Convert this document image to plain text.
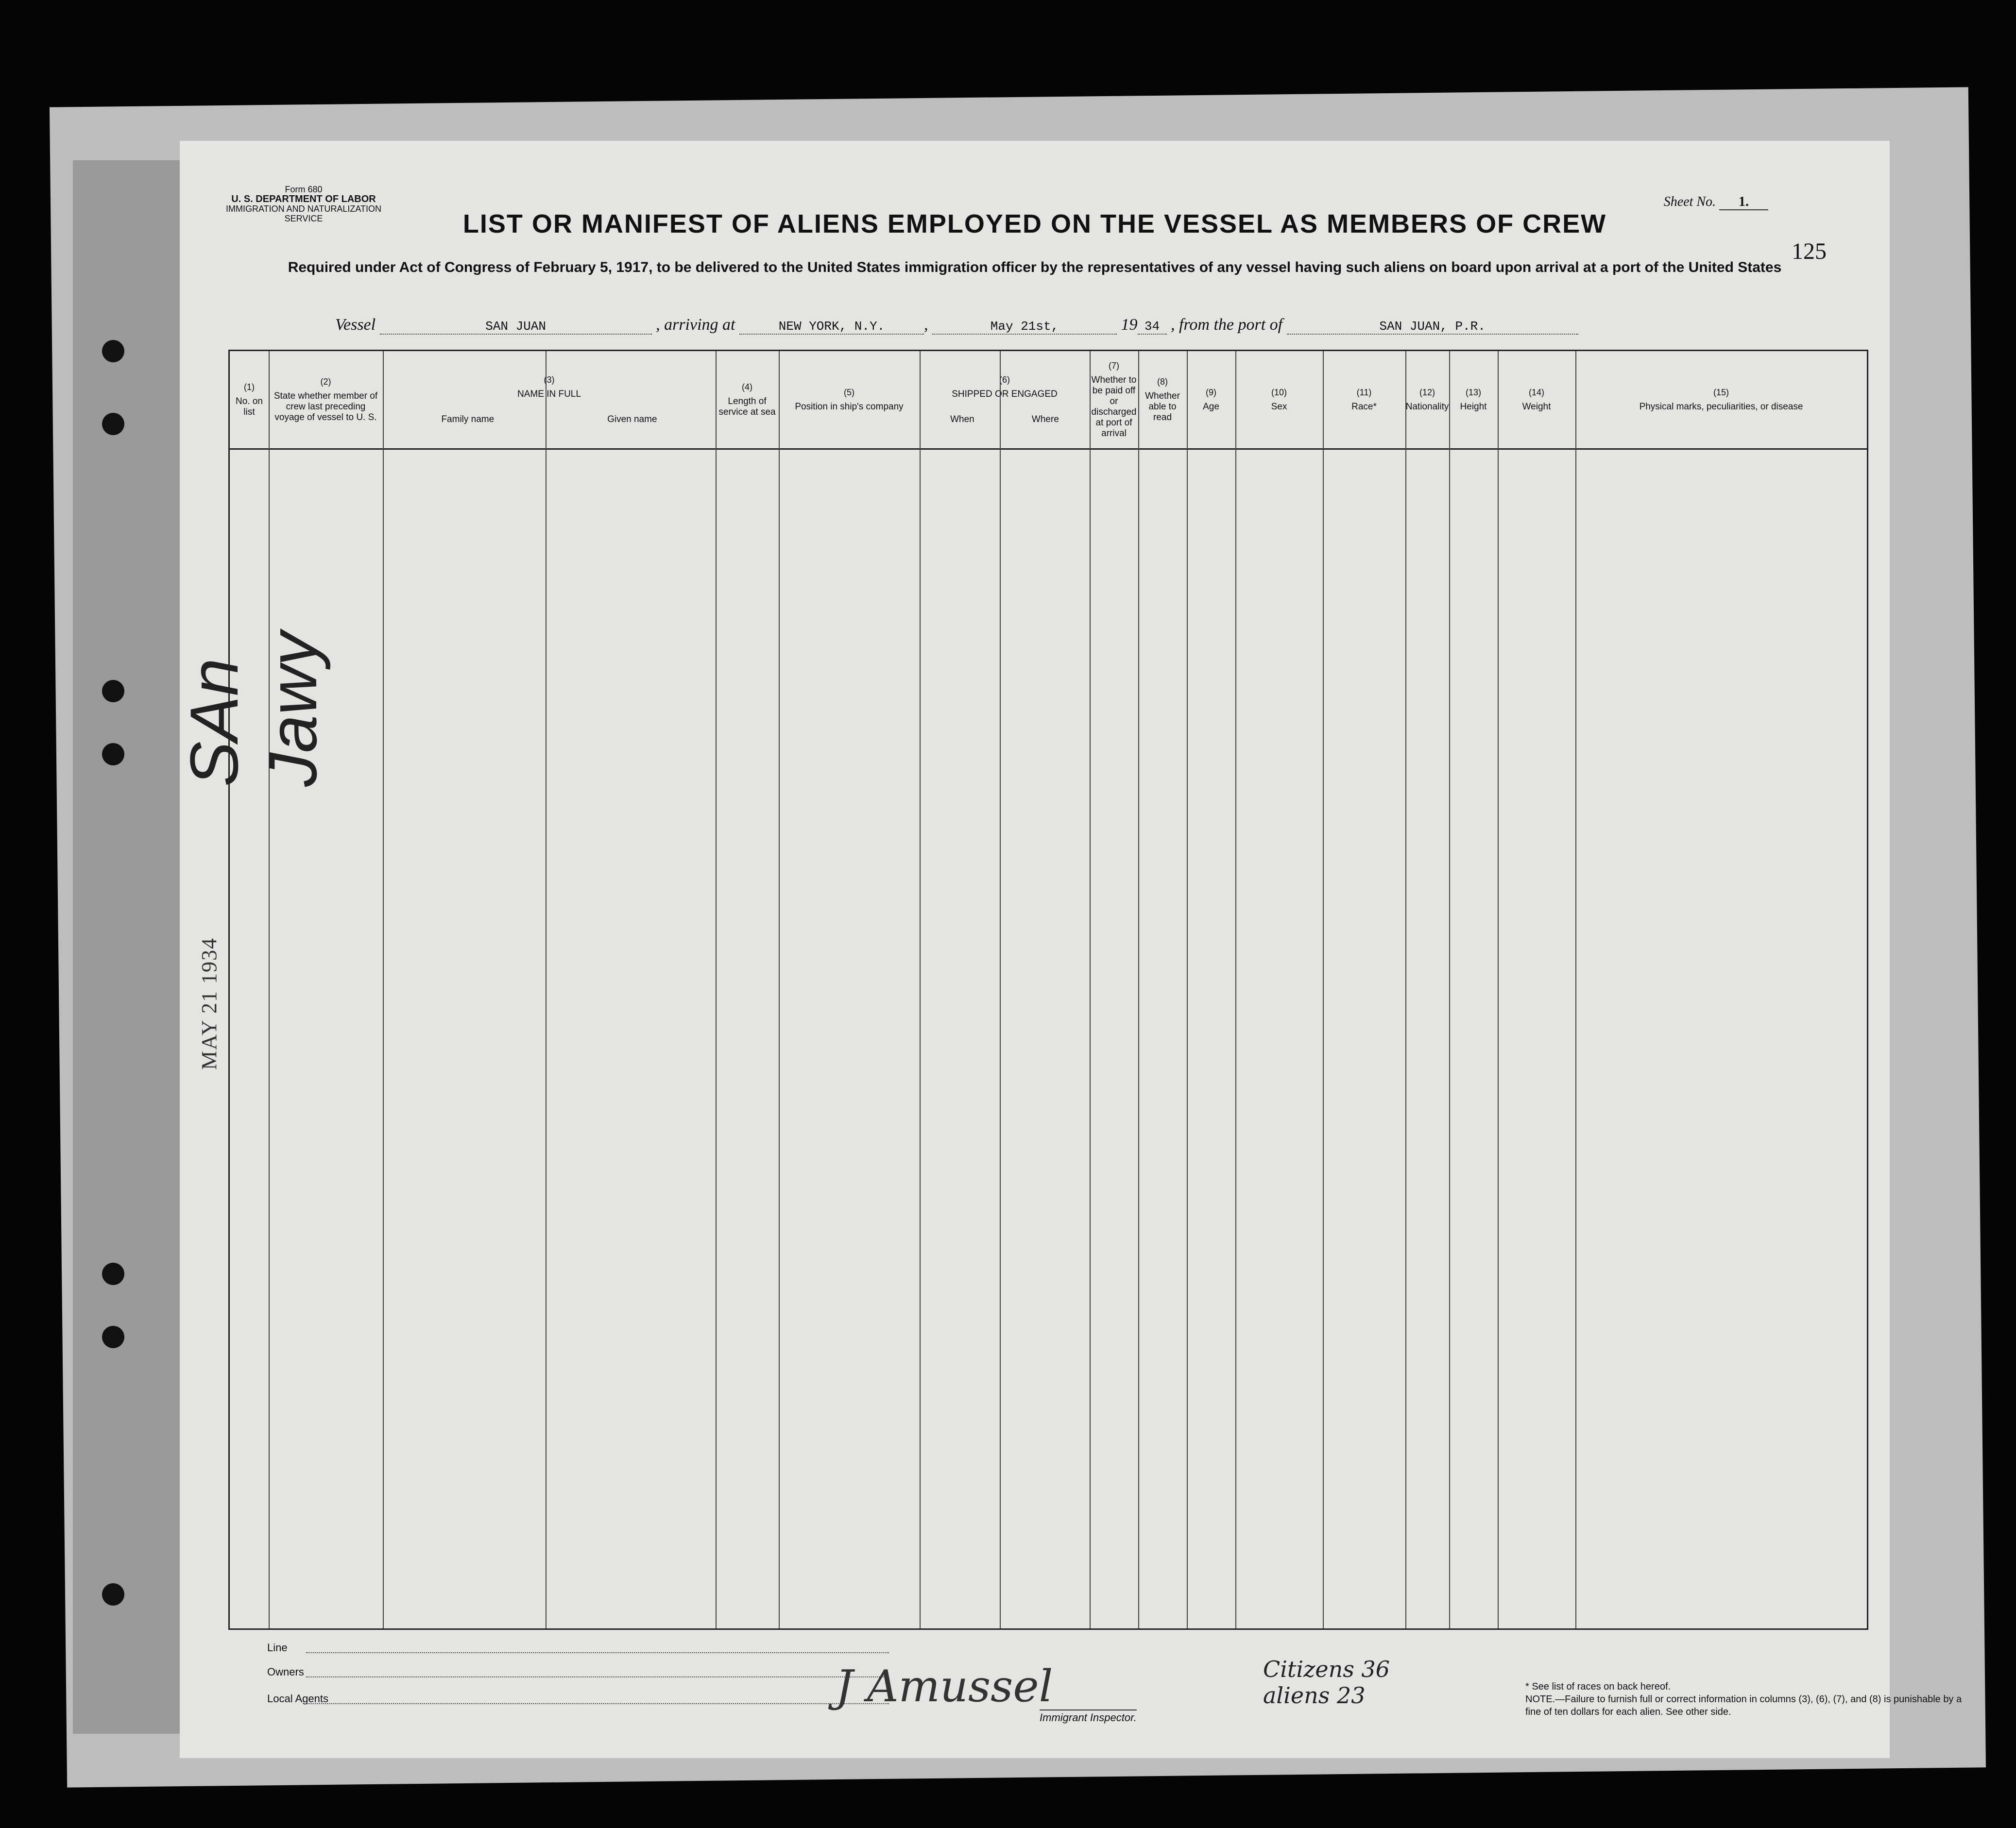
Form 680
U. S. DEPARTMENT OF LABOR
IMMIGRATION AND NATURALIZATION SERVICE
Sheet No. 1.
LIST OR MANIFEST OF ALIENS EMPLOYED ON THE VESSEL AS MEMBERS OF CREW
125
Required under Act of Congress of February 5, 1917, to be delivered to the United States immigration officer by the representatives of any vessel having such aliens on board upon arrival at a port of the United States
Vessel	SAN JUAN	, arriving at	NEW YORK, N.Y. ,	May 21st,	19 34 , from the port of	SAN JUAN, P.R.
(1)
No. on list
(2)
State whether member of crew last preceding voyage of vessel to U. S.
(3)
NAME IN FULL
Family name	Given name
(4)
Length of service at sea
(5)
Position in ship's company
(6)
SHIPPED OR ENGAGED
When	Where
(7)
Whether to be paid off or discharged at port of arrival
(8)
Whether able to read
(9)
Age
(10)
Sex
(11)
Race*
(12)
Nationality
(13)
Height
(14)
Weight
(15)
Physical marks, peculiarities, or disease
Line
Owners
Local Agents	J Amussel
Immigrant Inspector.
Citizens 36
aliens 23	* See list of races on back hereof.
NOTE.—Failure to furnish full or correct information in columns (3), (6), (7), and (8) is punishable by a fine of ten dollars for each alien. See other side.
SAn Jawy
MAY 21 1934
